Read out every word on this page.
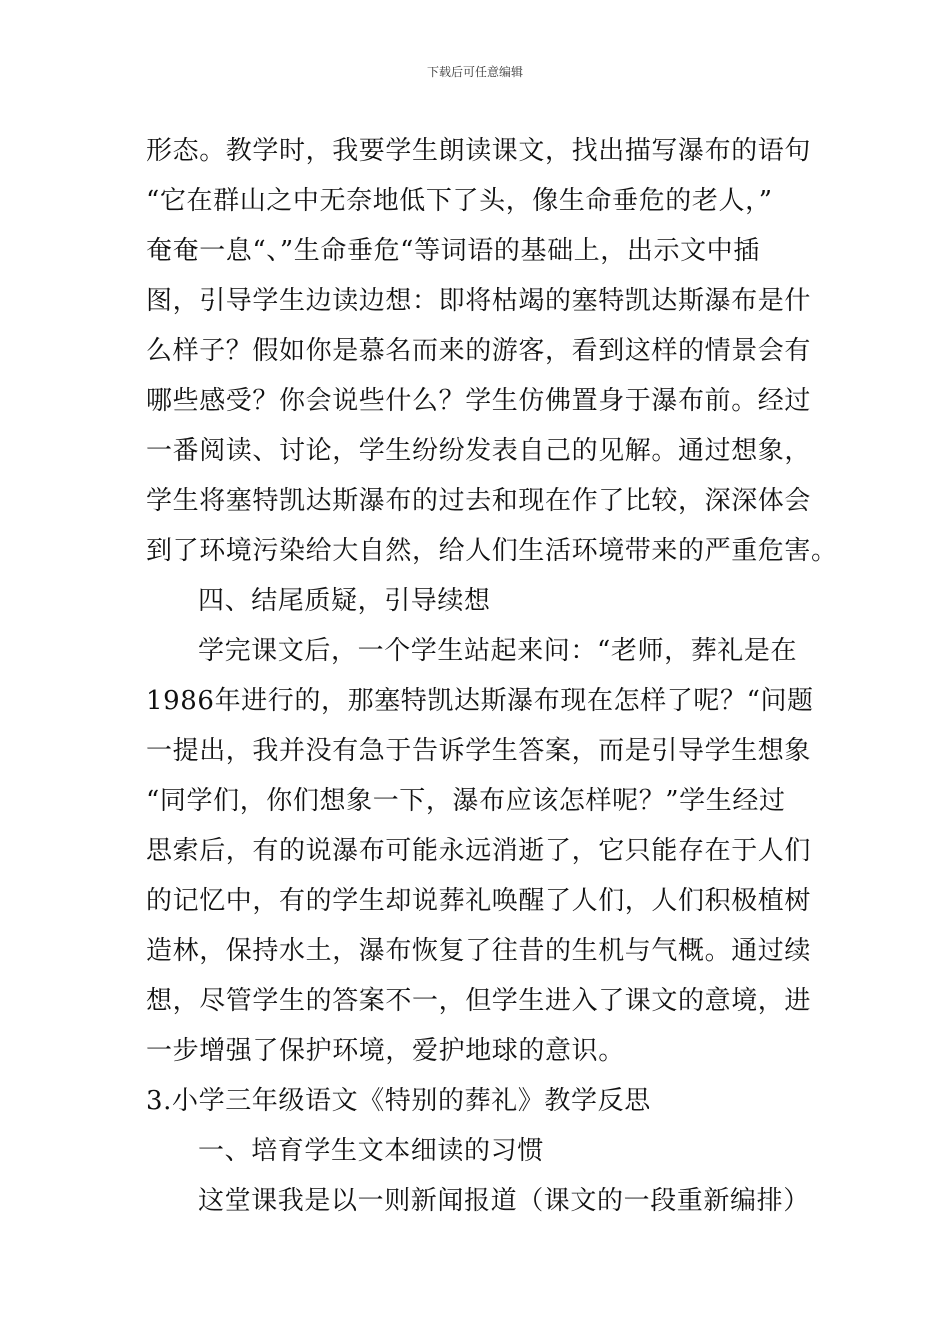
下载后可任意编辑
形态。教学时，我要学生朗读课文，找出描写瀑布的语句
“它在群山之中无奈地低下了头，像生命垂危的老人，”
奄奄一息“、”生命垂危“等词语的基础上，出示文中插
图，引导学生边读边想：即将枯竭的塞特凯达斯瀑布是什
么样子？假如你是慕名而来的游客，看到这样的情景会有
哪些感受？你会说些什么？学生仿佛置身于瀑布前。经过
一番阅读、讨论，学生纷纷发表自己的见解。通过想象，
学生将塞特凯达斯瀑布的过去和现在作了比较，深深体会
到了环境污染给大自然，给人们生活环境带来的严重危害。
四、结尾质疑，引导续想
学完课文后，一个学生站起来问：“老师，葬礼是在
1986年进行的，那塞特凯达斯瀑布现在怎样了呢？“问题
一提出，我并没有急于告诉学生答案，而是引导学生想象
“同学们，你们想象一下，瀑布应该怎样呢？”学生经过
思索后，有的说瀑布可能永远消逝了，它只能存在于人们
的记忆中，有的学生却说葬礼唤醒了人们，人们积极植树
造林，保持水土，瀑布恢复了往昔的生机与气概。通过续
想，尽管学生的答案不一，但学生进入了课文的意境，进
一步增强了保护环境，爱护地球的意识。
3.小学三年级语文《特别的葬礼》教学反思
一、培育学生文本细读的习惯
这堂课我是以一则新闻报道（课文的一段重新编排）
